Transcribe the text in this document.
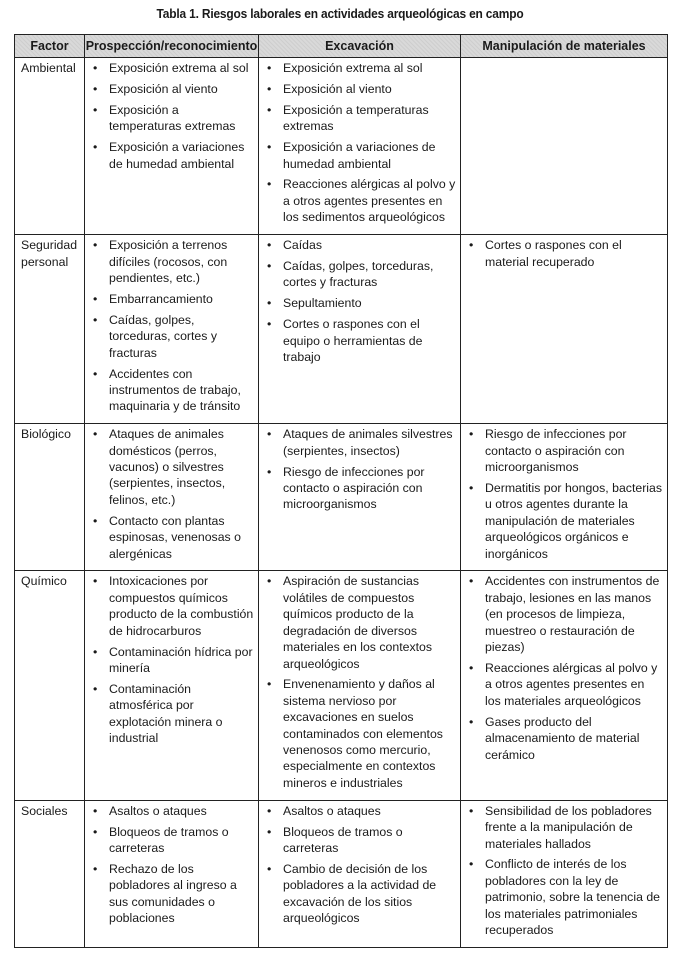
Tabla 1. Riesgos laborales en actividades arqueológicas en campo
Factor	Prospección/reconocimiento	Excavación	Manipulación de materiales
Ambiental	
•Exposición extrema al sol
• Exposición al viento
• Exposición a temperaturas extremas
• Exposición a variaciones de humedad ambiental

• Exposición extrema al sol
• Exposición al viento
• Exposición a temperaturas extremas
• Exposición a variaciones de humedad ambiental
• Reacciones alérgicas al polvo y a otros agentes presentes en los sedimentos arqueológicos

Seguridad personal	
• Exposición a terrenos difíciles (rocosos, con pendientes, etc.)
• Embarrancamiento
• Caídas, golpes, torceduras, cortes y fracturas
• Accidentes con instrumentos de trabajo, maquinaria y de tránsito

• Caídas
• Caídas, golpes, torceduras, cortes y fracturas
• Sepultamiento
• Cortes o raspones con el equipo o herramientas de trabajo

• Cortes o raspones con el material recuperado

Biológico	
•Ataques de animales domésticos (perros, vacunos) o silvestres (serpientes, insectos, felinos, etc.)
• Contacto con plantas espinosas, venenosas o alergénicas

• Ataques de animales silvestres (serpientes, insectos)
• Riesgo de infecciones por contacto o aspiración con microorganismos

• Riesgo de infecciones por contacto o aspiración con microorganismos
• Dermatitis por hongos, bacterias u otros agentes durante la manipulación de materiales arqueológicos orgánicos e inorgánicos

Químico	
•Intoxicaciones por compuestos químicos producto de la combustión de hidrocarburos
• Contaminación hídrica por minería
• Contaminación atmosférica por explotación minera o industrial

• Aspiración de sustancias volátiles de compuestos químicos producto de la degradación de diversos materiales en los contextos arqueológicos
• Envenenamiento y daños al sistema nervioso por excavaciones en suelos contaminados con elementos venenosos como mercurio, especialmente en contextos mineros e industriales

• Accidentes con instrumentos de trabajo, lesiones en las manos (en procesos de limpieza, muestreo o restauración de piezas)
• Reacciones alérgicas al polvo y a otros agentes presentes en los materiales arqueológicos
• Gases producto del almacenamiento de material cerámico

Sociales	
•Asaltos o ataques
• Bloqueos de tramos o carreteras
• Rechazo de los pobladores al ingreso a sus comunidades o poblaciones

• Asaltos o ataques
• Bloqueos de tramos o carreteras
• Cambio de decisión de los pobladores a la actividad de excavación de los sitios arqueológicos

• Sensibilidad de los pobladores frente a la manipulación de materiales hallados
• Conflicto de interés de los pobladores con la ley de patrimonio, sobre la tenencia de los materiales patrimoniales recuperados
